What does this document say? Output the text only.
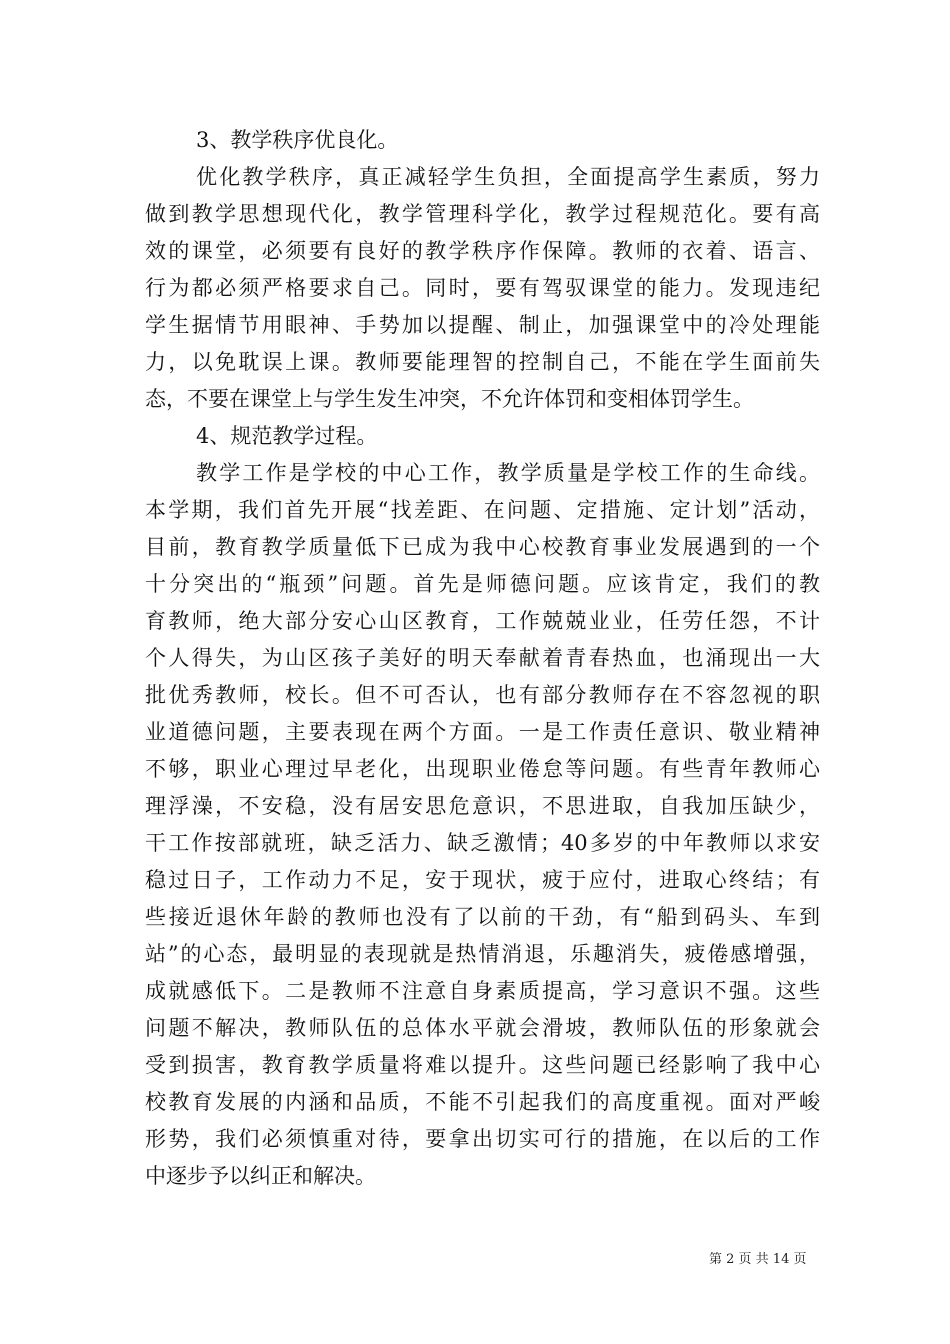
3、教学秩序优良化。
优化教学秩序，真正减轻学生负担，全面提高学生素质，努力
做到教学思想现代化，教学管理科学化，教学过程规范化。要有高
效的课堂，必须要有良好的教学秩序作保障。教师的衣着、语言、
行为都必须严格要求自己。同时，要有驾驭课堂的能力。发现违纪
学生据情节用眼神、手势加以提醒、制止，加强课堂中的冷处理能
力，以免耽误上课。教师要能理智的控制自己，不能在学生面前失
态，不要在课堂上与学生发生冲突，不允许体罚和变相体罚学生。
4、规范教学过程。
教学工作是学校的中心工作，教学质量是学校工作的生命线。
本学期，我们首先开展“找差距、在问题、定措施、定计划”活动，
目前，教育教学质量低下已成为我中心校教育事业发展遇到的一个
十分突出的“瓶颈”问题。首先是师德问题。应该肯定，我们的教
育教师，绝大部分安心山区教育，工作兢兢业业，任劳任怨，不计
个人得失，为山区孩子美好的明天奉献着青春热血，也涌现出一大
批优秀教师，校长。但不可否认，也有部分教师存在不容忽视的职
业道德问题，主要表现在两个方面。一是工作责任意识、敬业精神
不够，职业心理过早老化，出现职业倦怠等问题。有些青年教师心
理浮澡，不安稳，没有居安思危意识，不思进取，自我加压缺少，
干工作按部就班，缺乏活力、缺乏激情；40多岁的中年教师以求安
稳过日子，工作动力不足，安于现状，疲于应付，进取心终结；有
些接近退休年龄的教师也没有了以前的干劲，有“船到码头、车到
站”的心态，最明显的表现就是热情消退，乐趣消失，疲倦感增强，
成就感低下。二是教师不注意自身素质提高，学习意识不强。这些
问题不解决，教师队伍的总体水平就会滑坡，教师队伍的形象就会
受到损害，教育教学质量将难以提升。这些问题已经影响了我中心
校教育发展的内涵和品质，不能不引起我们的高度重视。面对严峻
形势，我们必须慎重对待，要拿出切实可行的措施，在以后的工作
中逐步予以纠正和解决。
第 2 页 共 14 页
